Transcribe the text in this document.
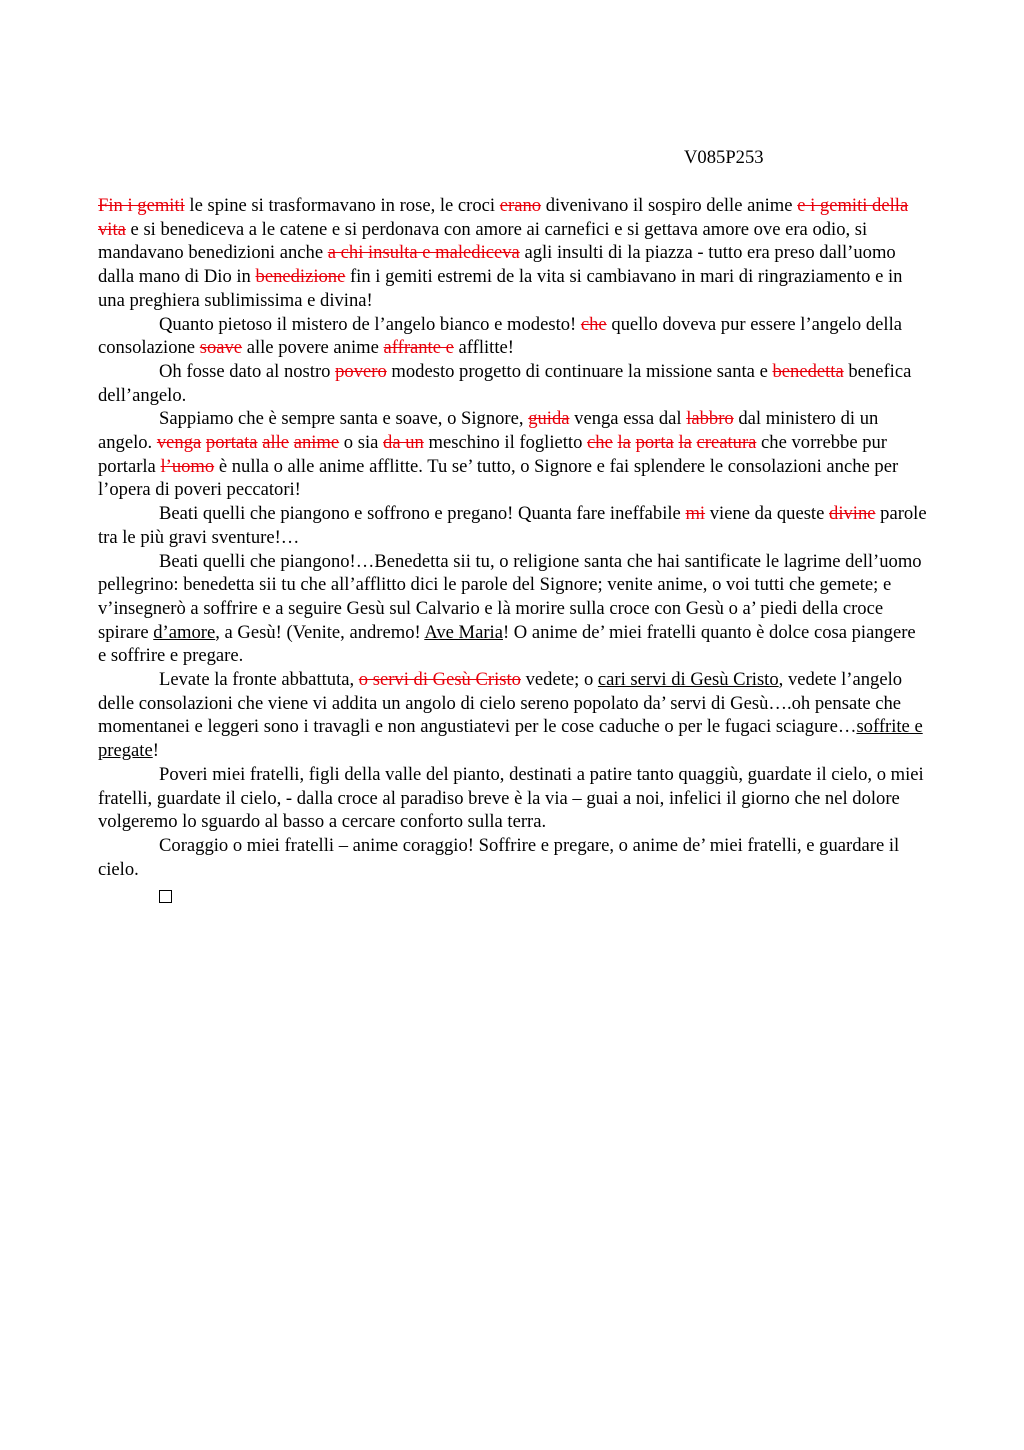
V085P253

Fin i gemiti le spine si trasformavano in rose, le croci erano divenivano il sospiro delle anime e i gemiti della vita e si benediceva a le catene e si perdonava con amore ai carnefici e si gettava amore ove era odio, si mandavano benedizioni anche a chi insulta e malediceva agli insulti di la piazza - tutto era preso dall’uomo dalla mano di Dio in benedizione fin i gemiti estremi de la vita si cambiavano in mari di ringraziamento e in una preghiera sublimissima e divina!

Quanto pietoso il mistero de l’angelo bianco e modesto! che quello doveva pur essere l’angelo della consolazione soave alle povere anime affrante e afflitte!

Oh fosse dato al nostro povero modesto progetto di continuare la missione santa e benedetta benefica dell’angelo.

Sappiamo che è sempre santa e soave, o Signore, guida venga essa dal labbro dal ministero di un angelo. venga portata alle anime o sia da un meschino il foglietto che la porta la creatura che vorrebbe pur portarla l’uomo è nulla o alle anime afflitte. Tu se’ tutto, o Signore e fai splendere le consolazioni anche per l’opera di poveri peccatori!

Beati quelli che piangono e soffrono e pregano! Quanta fare ineffabile mi viene da queste divine parole tra le più gravi sventure!…

Beati quelli che piangono!…Benedetta sii tu, o religione santa che hai santificate le lagrime dell’uomo pellegrino: benedetta sii tu che all’afflitto dici le parole del Signore; venite anime, o voi tutti che gemete; e v’insegnerò a soffrire e a seguire Gesù sul Calvario e là morire sulla croce con Gesù o a’ piedi della croce spirare d’amore, a Gesù! (Venite, andremo! Ave Maria! O anime de’ miei fratelli quanto è dolce cosa piangere e soffrire e pregare.

Levate la fronte abbattuta, o servi di Gesù Cristo vedete; o cari servi di Gesù Cristo, vedete l’angelo delle consolazioni che viene vi addita un angolo di cielo sereno popolato da’ servi di Gesù….oh pensate che momentanei e leggeri sono i travagli e non angustiatevi per le cose caduche o per le fugaci sciagure…soffrite e pregate!

Poveri miei fratelli, figli della valle del pianto, destinati a patire tanto quaggiù, guardate il cielo, o miei fratelli, guardate il cielo, - dalla croce al paradiso breve è la via – guai a noi, infelici il giorno che nel dolore volgeremo lo sguardo al basso a cercare conforto sulla terra.

Coraggio o miei fratelli – anime coraggio! Soffrire e pregare, o anime de’ miei fratelli, e guardare il cielo.
